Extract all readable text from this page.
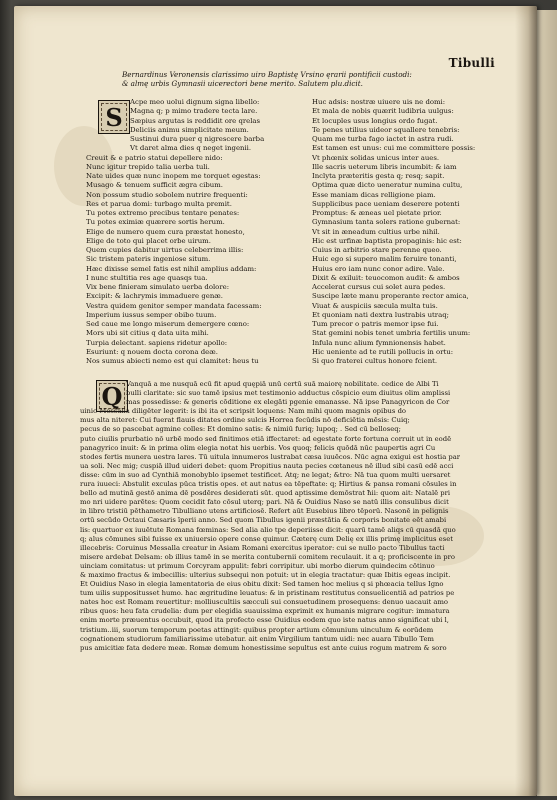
Tibulli
Bernardinus Veronensis clarissimo uiro Baptistę Vrsino ęrarii pontificii custodi:
& almę urbis Gymnasii uicerectori bene merito. Salutem plu.dicit.
S
Acpe meo uolui dignum signa libello:
Magna q; p mimo tradere tecta lare.
Sæpius argutas is reddidit ore qrelas
Deliciis animu simplicitate meum.
Sustinui dura puer q nigrescere barba
Vt daret alma dies q neget ingenii.
Creuit & e patrio statui depellere nido:
Nunc igitur trepido talia uerba tuli.
Nate uides quæ nunc inopem me torquet egestas:
Musago & tenuem sufficit ægra cibum.
Non possum studio sobolem nutrire frequenti:
Res et parua domi: turbago multa premit.
Tu potes extremo precibus tentare penates:
Tu potes eximiæ quærere sortis herum.
Elige de numero quem cura præstat honesto,
Elige de toto qui placet orbe uirum.
Quem cupies dabitur uirtus celeberrima illis:
Sic tristem pateris ingeniose situm.
Hæc dixisse semel fatis est nihil amplius addam:
I nunc stultitia res age quasqs tua.
Vix bene finieram simulato uerba dolore:
Excipit: & lachrymis immaduere genæ.
Vestra quidem genitor semper mandata facessam:
Imperium iussus semper obibo tuum.
Sed caue me longo miserum demergere cœno:
Mors ubi sit citius q data uita mihi.
Turpia delectant. sapiens ridetur apollo:
Esuriunt: q nouem docta corona deæ.
Nos sumus abiecti nemo est qui clamitet: heus tu
Huc adsis: nostræ uiuere uis ne domi:
Et mala de nobis quærit ludibria uulgus:
Et locuples usus longius ordo fugat.
Te penes utilius uideor squallere tenebris:
Quam me turba fago iactet in astra rudi.
Est tamen est unus: cui me committere possis:
Vt phœnix solidas unicus inter aues.
Ille sacris ueterum libris incumbit: & iam
Inclyta præteritis gesta q; resq; sapit.
Optima quæ dicto ueneratur numina cultu,
Esse maniam dicas relligione piam.
Supplicibus pace ueniam deserere potenti
Promptus: & æneas uel pietate prior.
Gymnasium tanta solers ratione gubernat:
Vt sit in æneadum cultius urbe nihil.
Hic est urfinæ baptista propaginis: hic est:
Cuius in arbitrio stare perenne queo.
Huic ego si supero malim feruire tonanti,
Huius ero iam nunc conor adire. Vale.
Dixit & exiluit: teuocomon audit: & ambos
Accelerat cursus cui solet aura pedes.
Suscipe læte manu properante rector amica,
Viuat & auspiciis sæcula multa tuis.
Et quoniam nati dextra lustrabis utraq;
Tum precor o patris memor ipse fui.
Stat gemini nobis tenet umbria fertilis unum:
Infula nunc alium fymnionensis habet.
Hic ueniente ad te rutili pollucis in ortu:
Si quo fraterei cultus honore fcient.
Q Vanquā a me nusquā ecū fit apud quępiā unū certū suā maiorę nobilitate. cedice de Albi Ti
bulli claritate: sic suo tamē ipsius met testimonio adductus cōspicio eum diuitus olim amplissi
mas possedisse: & generis cōditione ex elegāti pgenie emanasse. Nā ipse Panagyricon de Cor
uinio Messalla diligēter legerit: is ibi ita et scripsit loquens: Nam mihi quom magnis opibus do
mus alta niteret: Cui fuerat flauis ditates ordine sulcis Horrea fecūdis nō deficiētia mēsis: Cuiq;
pecus de so pascebat agmine colles: Et domino satis: & nimiū furiq; lupoq; . Sed cū belloseq;
puto ciuilis prurbatio nō urbē modo sed finitimos etiā iffectaret: ad egestate forte fortuna corruit ut in eodē
panagyrico inuit: & in prima olim elegia notat his uerbis. Vos quoq; felicis quōdā nūc paupertis agri Cu
stodes fertis munera uestra lares. Tū uitula innumeros lustrabat cæsa iuuēcos. Nūc agna exigui est hostia par
ua soli. Nec mig; cuspiā illud uideri debet: quom Propitius nauta pecies cœtaneus nē illud sibi casū edē acci
disse: cūm in suo ad Cynthiā monobyblo ipsemet testificet. Atq; ne legat; &tro: Nā tua quom multi uersaret
rura iuueci: Abstulit exculas pūca tristis opes. et aut natus ea tēpeftate: q; Hirtius & pansa romani cōsules in
bello ad mutinā gestō anima dē posdēres desiderati sūt. quod aptissime demōstrat ħii: quom ait: Natalē pri
mo nri uidere parētes: Quom cecidit fato cōsul uterq; pari. Nā & Ouidius Naso se natū illis consulibus dicit
in libro tristiū pēthametro Tibulliano utens artificiosē. Refert aūt Eusebius libro tēporū. Nasonē in pelignis
ortū secūdo Octaui Cæsaris īperii anno. Sed quom Tibullus igenii præstātia & corporis bonitate eēt amabi
lis: quartuor ex iuuētute Romana fœminas: Sed alia alio tpe deperiisse dicit: quarū tamē aliqs cū quasdā quo
q; alus cōmunes sibi fuisse ex uniuersio opere conse quimur. Cæterę cum Delię ex illis primę implicitus eset
illecebris: Coruinus Messalla creatur in Asiam Romani exercitus iperator: cui se nullo pacto Tibullus tacti
misere ardebat Delsam: ob illius tamē in se merita contubernii comitem reculauit. it a q; proficiscente in pro
uinciam comitatus: ut primum Corcyram appulit: febri corripitur. ubi morbo dierum quindecim cōtinuo
& maximo fractus & imbecillis: ulterius subsequi non potuit: ut in elegia tractatur: quæ Ibitis egeas incipit.
Et Ouidius Naso in elegia lamentatoria de eius obitu dixit: Sed tamen hoc melius q si phœacia tellus Igno
tum uilis suppositusset humo. hac ægritudine leuatus: & in pristinam restitutus consuelicentiā ad patrios pe
nates hoc est Romam reuertitur: molliuscultiis sæcculi sui consuetudinem prosequens: denuo uacauit amo
ribus quos: heu fata crudelia: dum per elegidia suauissima exprimit ex humanis migrare cogitur: immatura
enim morte præuentus occubuit, quod ita profecto esse Ouidius eodem quo iste natus anno significat ubi l,
tristium..iii, suorum temporum poetas attingit: quibus propter artium cōmunium uinculum & eorūdem
cognationem studiorum familiarissime utebatur. ait enim Virgilium tantum uidi: nec auara Tibullo Tem
pus amicitiæ fata dedere meæ. Romæ demum honestissime sepultus est ante cuius rogum matrem & soro
